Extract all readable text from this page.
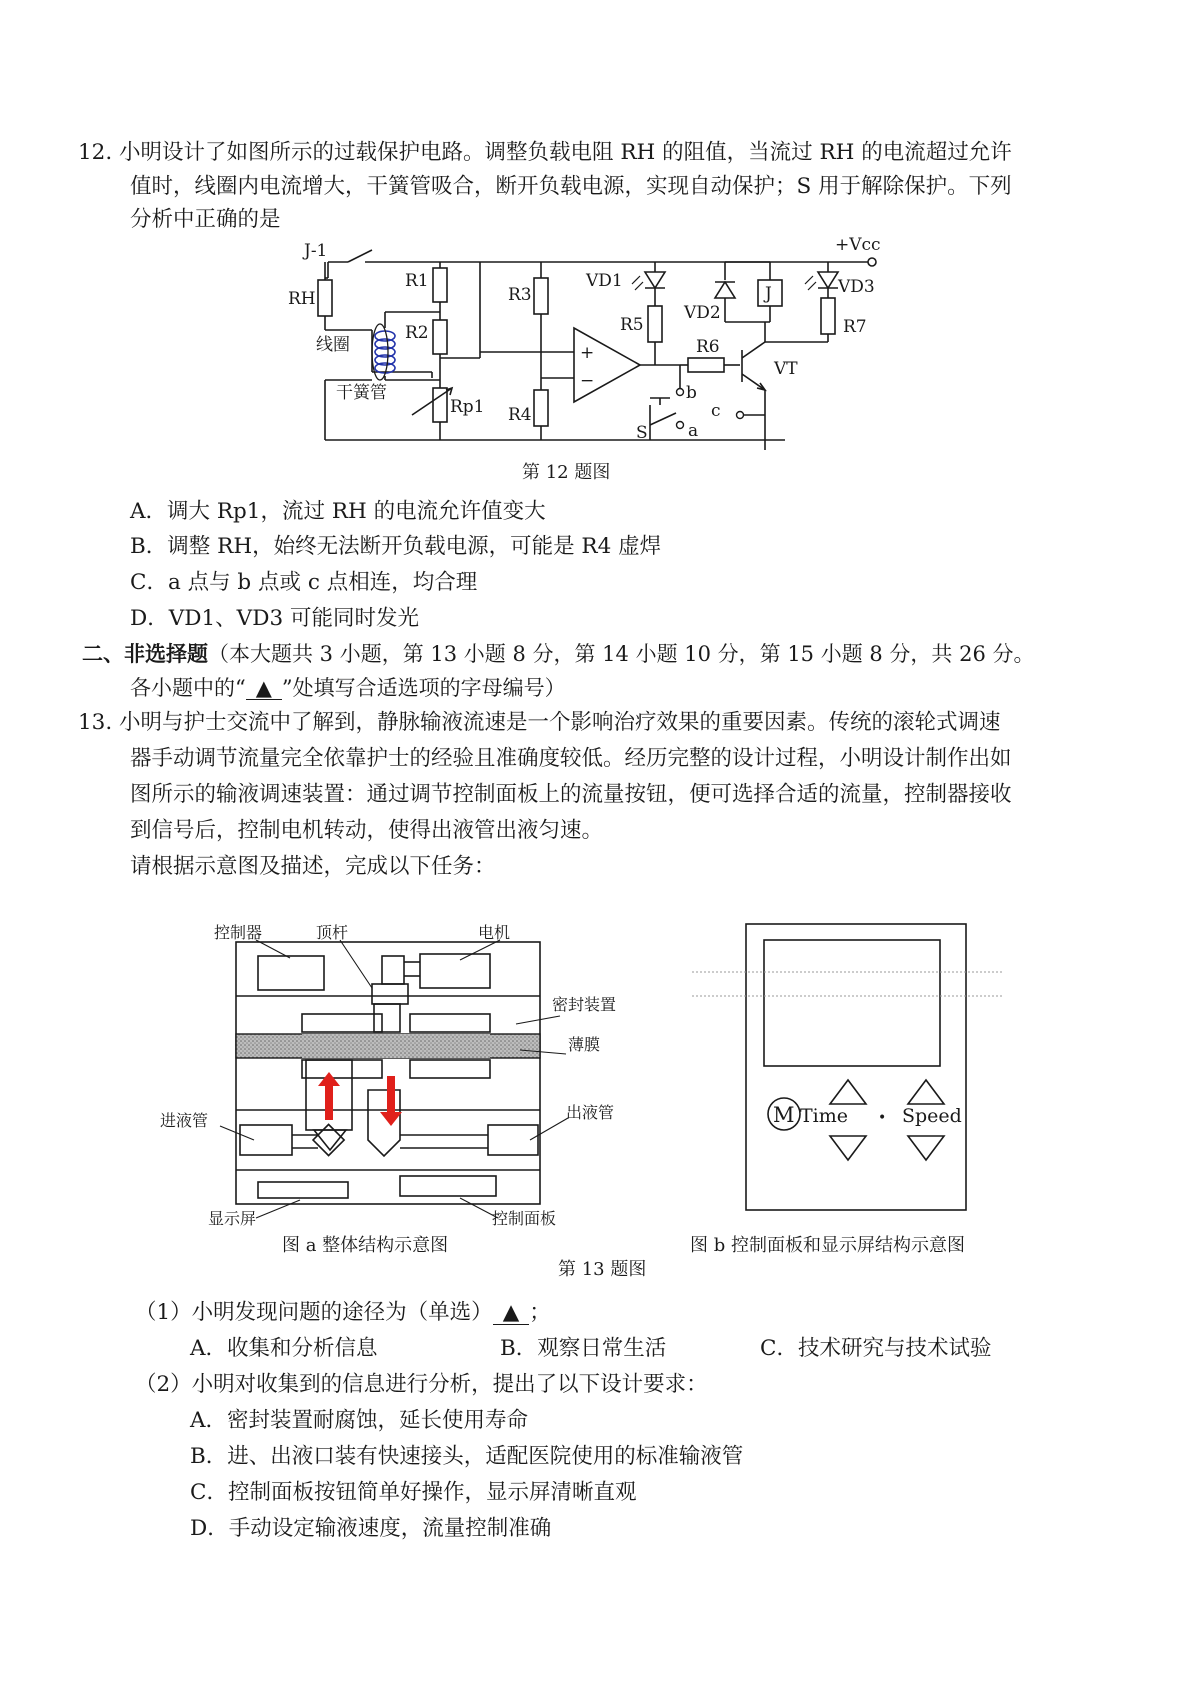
12. 小明设计了如图所示的过载保护电路。调整负载电阻 RH 的阻值，当流过 RH 的电流超过允许
值时，线圈内电流增大，干簧管吸合，断开负载电源，实现自动保护；S 用于解除保护。下列
分析中正确的是
J-1
RH
R1
R2
线圈
干簧管
Rp1
R3
R4
VD1
R5
VD2
J	VD3
R7
+Vcc
R6
VT
S a
b
c
+
−
第 12 题图
A．调大 Rp1，流过 RH 的电流允许值变大
B．调整 RH，始终无法断开负载电源，可能是 R4 虚焊
C．a 点与 b 点或 c 点相连，均合理
D．VD1、VD3 可能同时发光
二、非选择题（本大题共 3 小题，第 13 小题 8 分，第 14 小题 10 分，第 15 小题 8 分，共 26 分。
各小题中的“ ▲ ”处填写合适选项的字母编号）
13. 小明与护士交流中了解到，静脉输液流速是一个影响治疗效果的重要因素。传统的滚轮式调速
器手动调节流量完全依靠护士的经验且准确度较低。经历完整的设计过程，小明设计制作出如
图所示的输液调速装置：通过调节控制面板上的流量按钮，便可选择合适的流量，控制器接收
到信号后，控制电机转动，使得出液管出液匀速。
请根据示意图及描述，完成以下任务：
控制器	顶杆	电机
密封装置
薄膜
进液管	出液管
显示屏	控制面板
M Time • Speed
图 a 整体结构示意图	图 b 控制面板和显示屏结构示意图
第 13 题图
（1）小明发现问题的途径为（单选） ▲ ；
A．收集和分析信息	B．观察日常生活	C．技术研究与技术试验
（2）小明对收集到的信息进行分析，提出了以下设计要求：
A．密封装置耐腐蚀，延长使用寿命
B．进、出液口装有快速接头，适配医院使用的标准输液管
C．控制面板按钮简单好操作，显示屏清晰直观
D．手动设定输液速度，流量控制准确
